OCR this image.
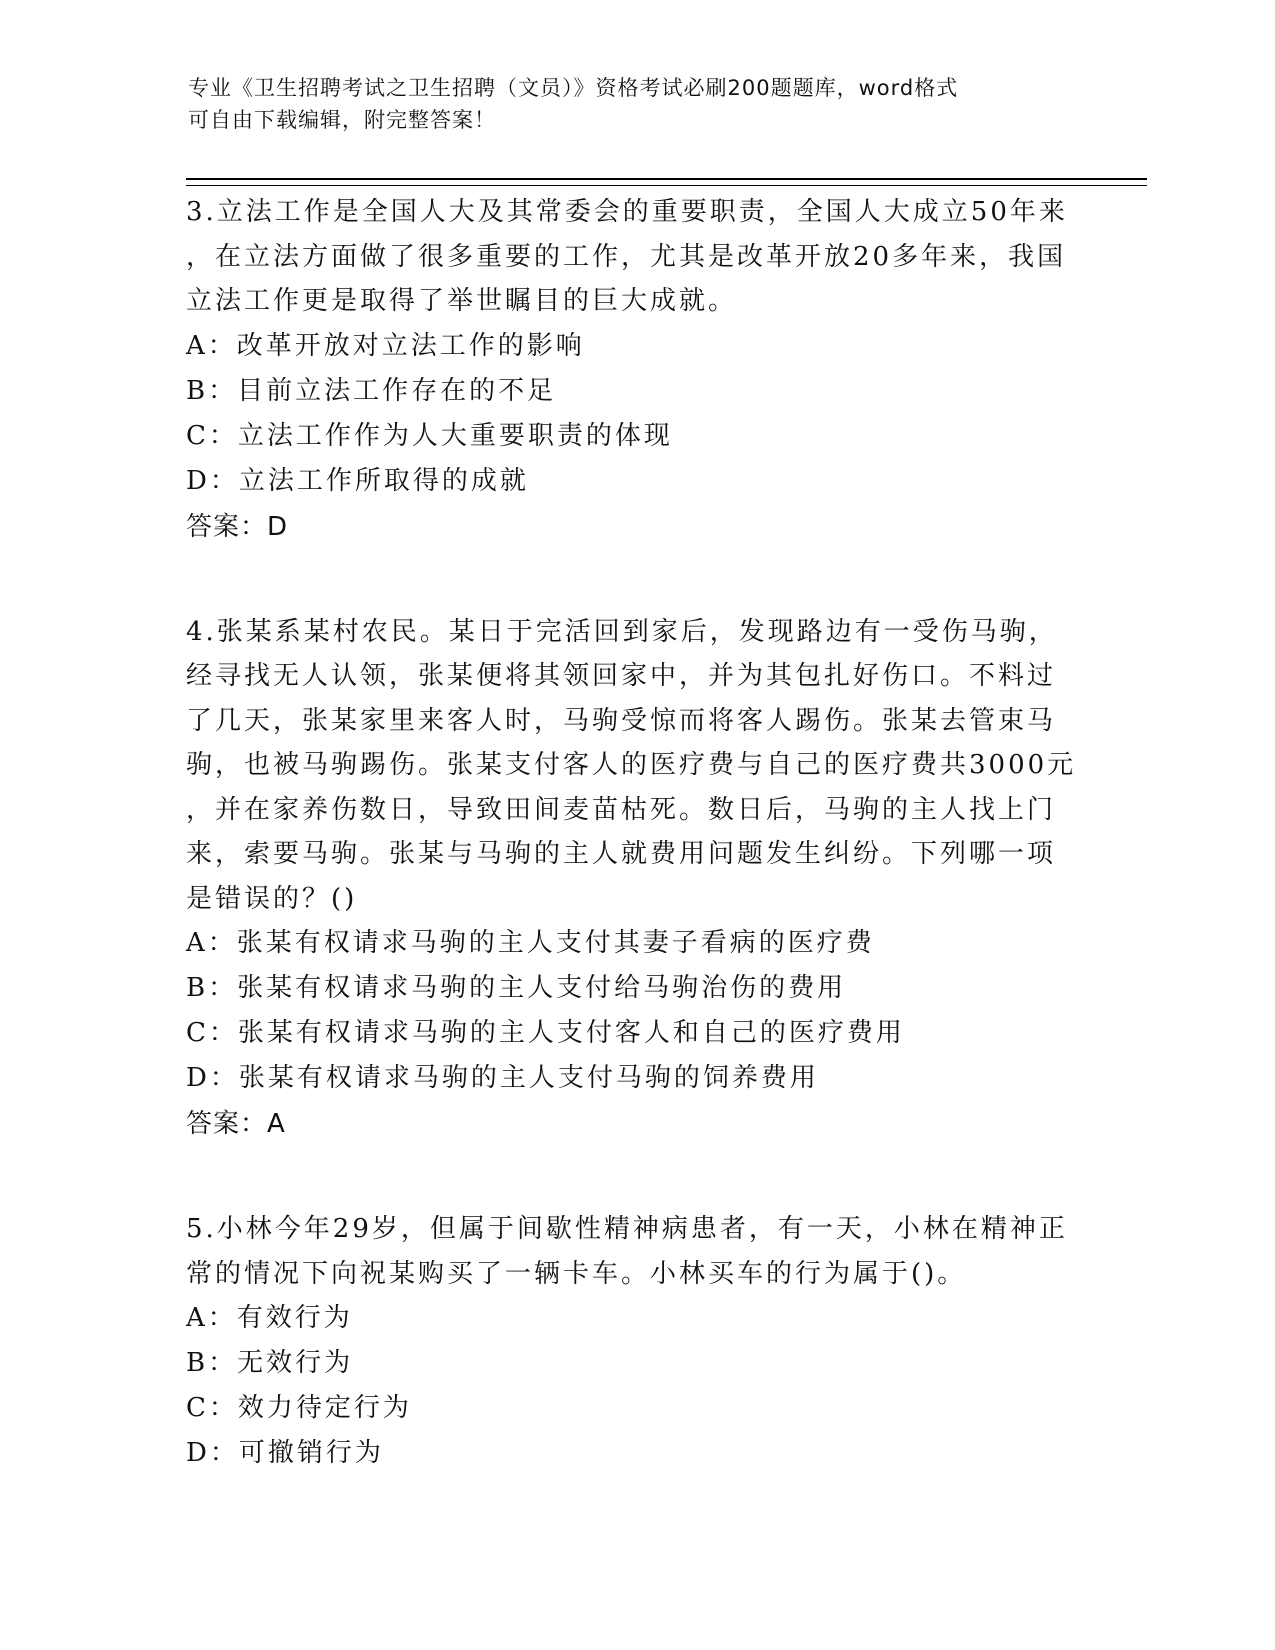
专业《卫生招聘考试之卫生招聘（文员）》资格考试必刷200题题库，word格式
可自由下载编辑，附完整答案！

3.立法工作是全国人大及其常委会的重要职责，全国人大成立50年来
，在立法方面做了很多重要的工作，尤其是改革开放20多年来，我国
立法工作更是取得了举世瞩目的巨大成就。

A：改革开放对立法工作的影响

B：目前立法工作存在的不足

C：立法工作作为人大重要职责的体现

D：立法工作所取得的成就

答案：D

4.张某系某村农民。某日于完活回到家后，发现路边有一受伤马驹，
经寻找无人认领，张某便将其领回家中，并为其包扎好伤口。不料过
了几天，张某家里来客人时，马驹受惊而将客人踢伤。张某去管束马
驹，也被马驹踢伤。张某支付客人的医疗费与自己的医疗费共3000元
，并在家养伤数日，导致田间麦苗枯死。数日后，马驹的主人找上门
来，索要马驹。张某与马驹的主人就费用问题发生纠纷。下列哪一项
是错误的？()

A：张某有权请求马驹的主人支付其妻子看病的医疗费

B：张某有权请求马驹的主人支付给马驹治伤的费用

C：张某有权请求马驹的主人支付客人和自己的医疗费用

D：张某有权请求马驹的主人支付马驹的饲养费用

答案：A

5.小林今年29岁，但属于间歇性精神病患者，有一天，小林在精神正
常的情况下向祝某购买了一辆卡车。小林买车的行为属于()。

A：有效行为

B：无效行为

C：效力待定行为

D：可撤销行为
